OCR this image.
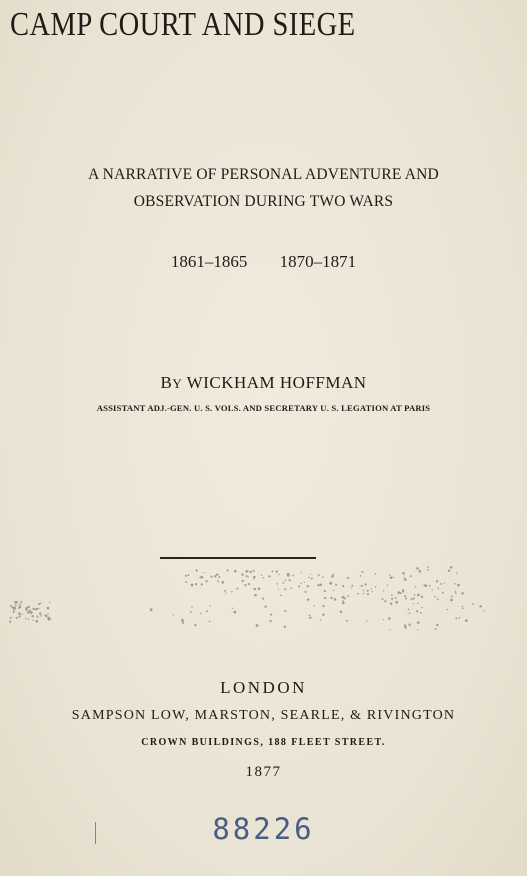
CAMP COURT AND SIEGE
A NARRATIVE OF PERSONAL ADVENTURE AND
OBSERVATION DURING TWO WARS
1861–1865 1870–1871
BY WICKHAM HOFFMAN
ASSISTANT ADJ.-GEN. U. S. VOLS. AND SECRETARY U. S. LEGATION AT PARIS
LONDON
SAMPSON LOW, MARSTON, SEARLE, & RIVINGTON
CROWN BUILDINGS, 188 FLEET STREET.
1877
88226
